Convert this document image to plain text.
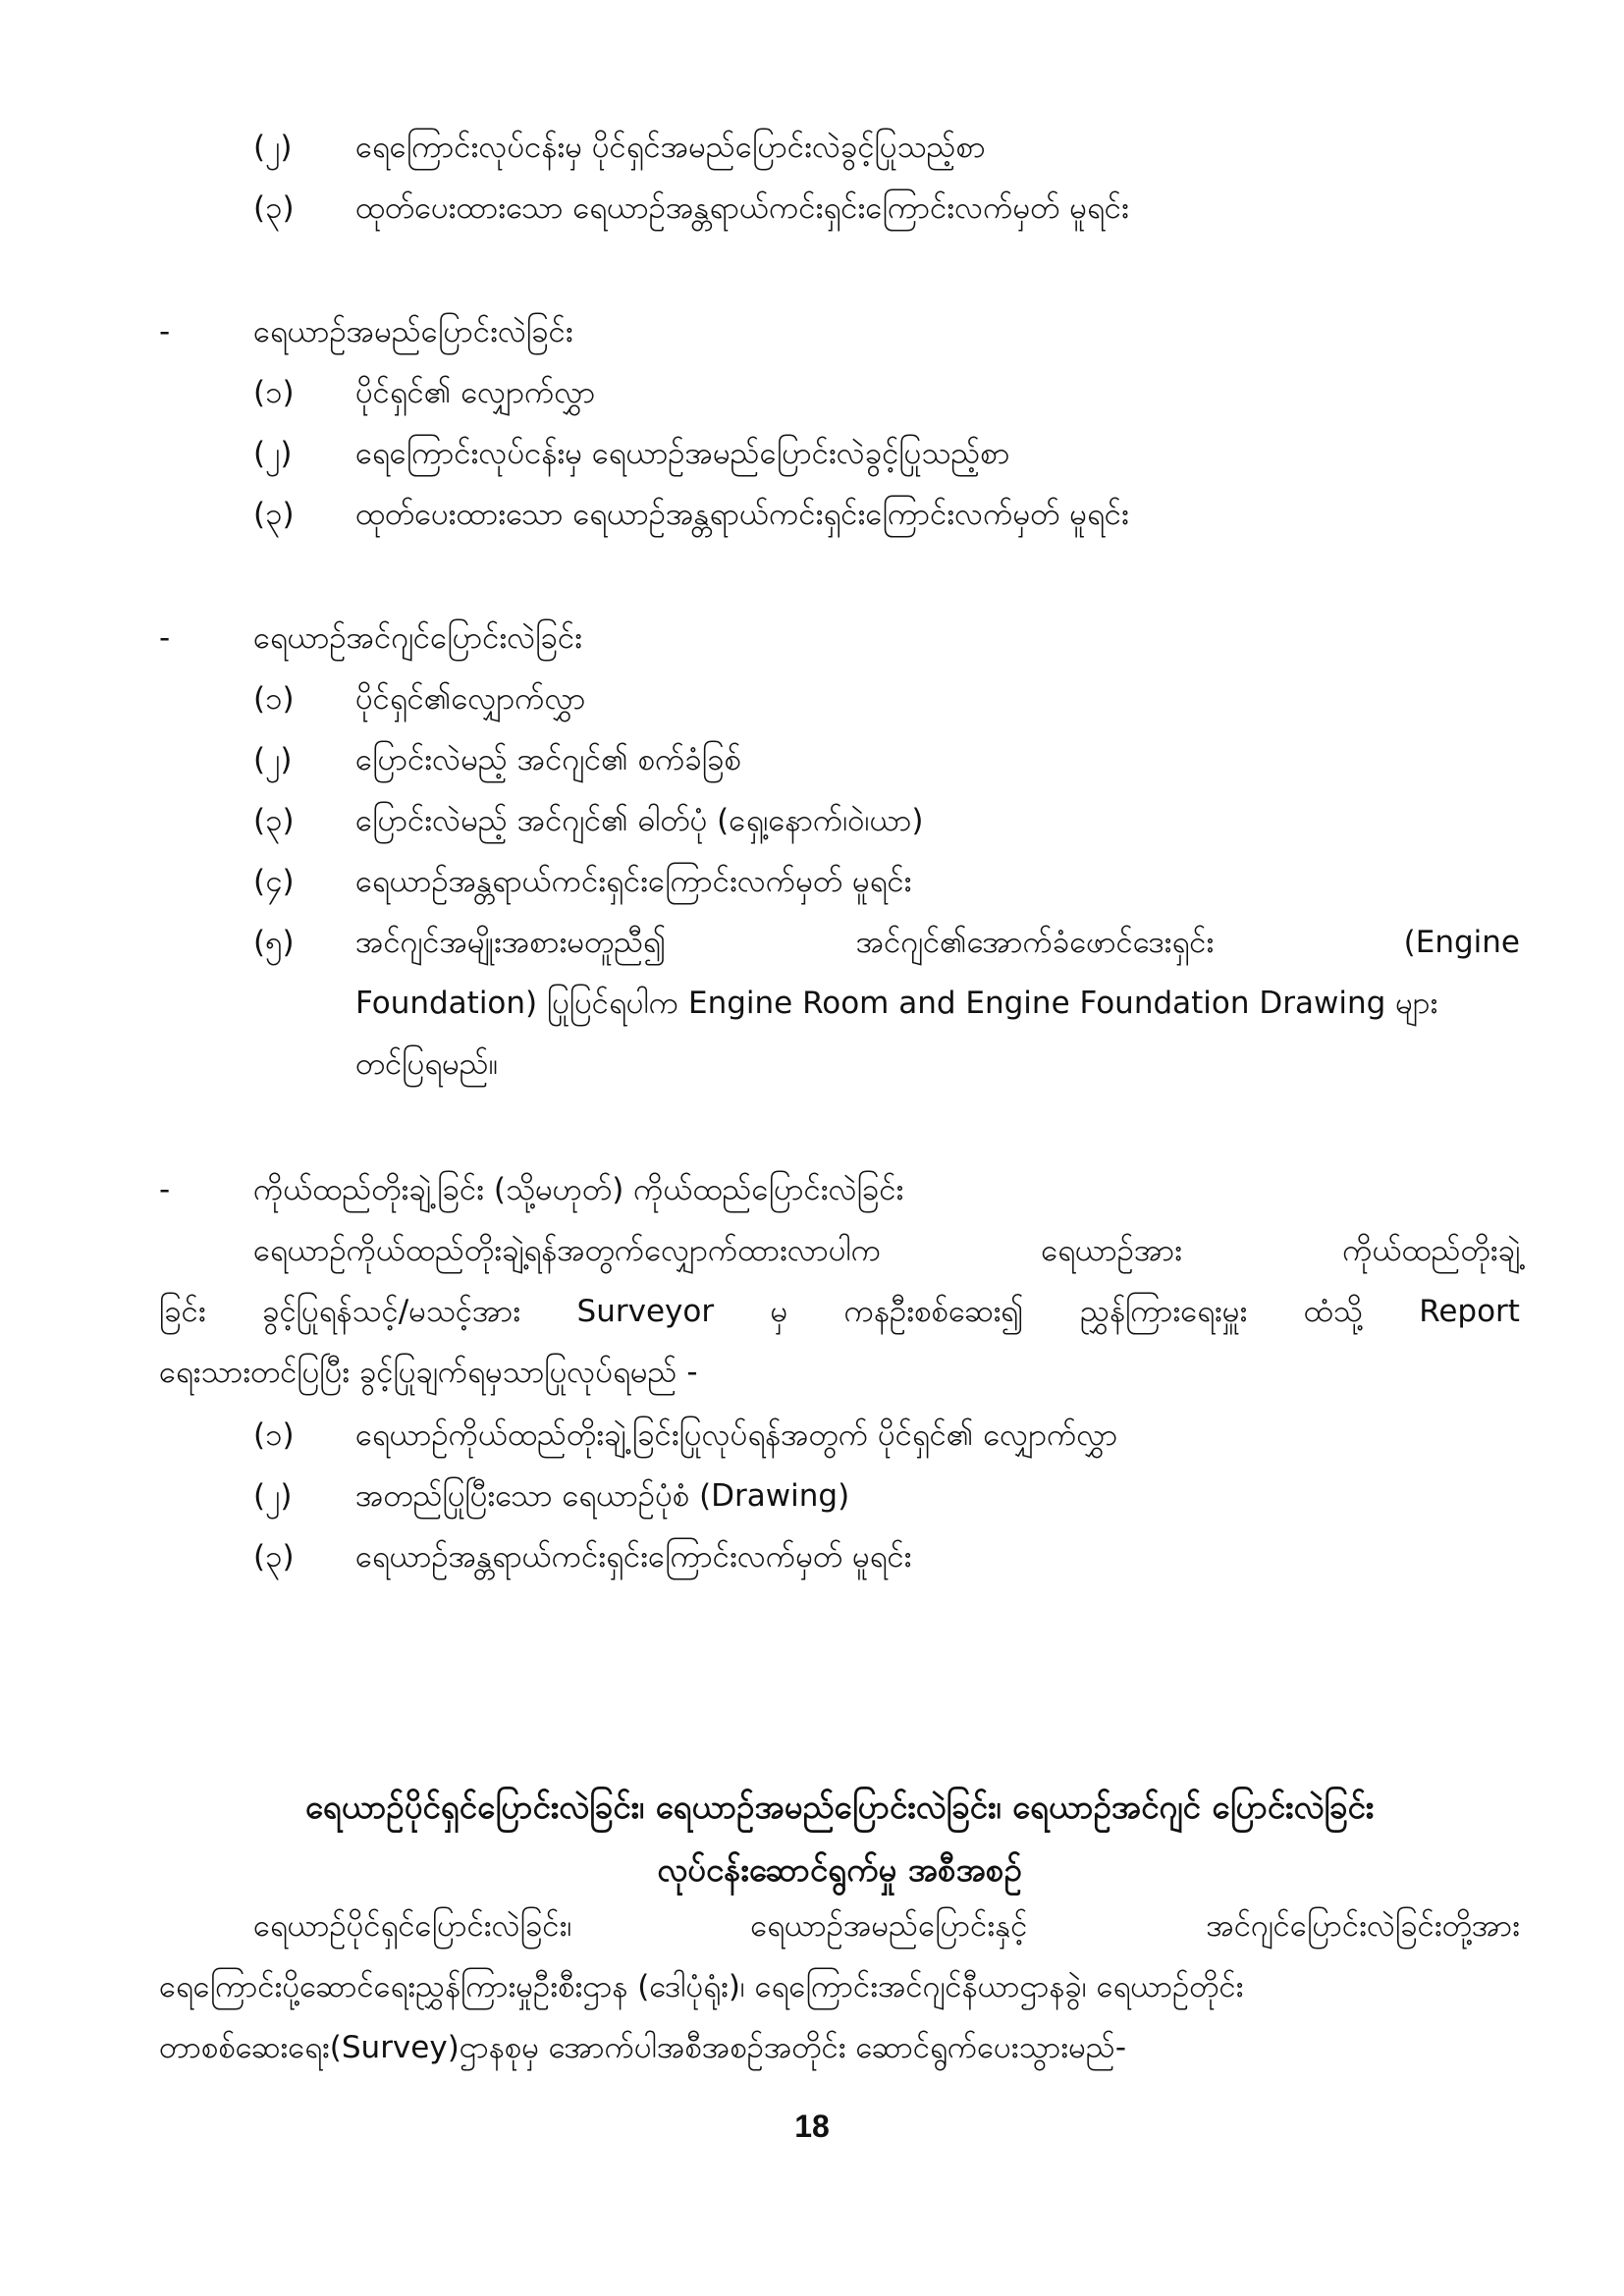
(၂) ရေကြောင်းလုပ်ငန်းမှ ပိုင်ရှင်အမည်ပြောင်းလဲခွင့်ပြုသည့်စာ
(၃) ထုတ်ပေးထားသော ရေယာဉ်အန္တရာယ်ကင်းရှင်းကြောင်းလက်မှတ် မူရင်း
-	ရေယာဉ်အမည်ပြောင်းလဲခြင်း
(၁) ပိုင်ရှင်၏ လျှောက်လွှာ
(၂) ရေကြောင်းလုပ်ငန်းမှ ရေယာဉ်အမည်ပြောင်းလဲခွင့်ပြုသည့်စာ
(၃) ထုတ်ပေးထားသော ရေယာဉ်အန္တရာယ်ကင်းရှင်းကြောင်းလက်မှတ် မူရင်း
-	ရေယာဉ်အင်ဂျင်ပြောင်းလဲခြင်း
(၁) ပိုင်ရှင်၏လျှောက်လွှာ
(၂) ပြောင်းလဲမည့် အင်ဂျင်၏ စက်ခံခြစ်
(၃) ပြောင်းလဲမည့် အင်ဂျင်၏ ဓါတ်ပုံ (ရှေ့၊နောက်၊ဝဲ၊ယာ)
(၄) ရေယာဉ်အန္တရာယ်ကင်းရှင်းကြောင်းလက်မှတ် မူရင်း
(၅) အင်ဂျင်အမျိုးအစားမတူညီ၍	အင်ဂျင်၏အောက်ခံဖောင်ဒေးရှင်း	(Engine
Foundation) ပြုပြင်ရပါက Engine Room and Engine Foundation Drawing များ
တင်ပြရမည်။
-	ကိုယ်ထည်တိုးချဲ့ခြင်း (သို့မဟုတ်) ကိုယ်ထည်ပြောင်းလဲခြင်း
ရေယာဉ်ကိုယ်ထည်တိုးချဲ့ရန်အတွက်လျှောက်ထားလာပါက	ရေယာဉ်အား	ကိုယ်ထည်တိုးချဲ့
ခြင်း ခွင့်ပြုရန်သင့်/မသင့်အား Surveyor မှ ကနဦးစစ်ဆေး၍ ညွှန်ကြားရေးမှူး ထံသို့ Report
ရေးသားတင်ပြပြီး ခွင့်ပြုချက်ရမှသာပြုလုပ်ရမည် -
(၁) ရေယာဉ်ကိုယ်ထည်တိုးချဲ့ခြင်းပြုလုပ်ရန်အတွက် ပိုင်ရှင်၏ လျှောက်လွှာ
(၂) အတည်ပြုပြီးသော ရေယာဉ်ပုံစံ (Drawing)
(၃) ရေယာဉ်အန္တရာယ်ကင်းရှင်းကြောင်းလက်မှတ် မူရင်း
ရေယာဉ်ပိုင်ရှင်ပြောင်းလဲခြင်း၊ ရေယာဉ်အမည်ပြောင်းလဲခြင်း၊ ရေယာဉ်အင်ဂျင် ပြောင်းလဲခြင်း
လုပ်ငန်းဆောင်ရွက်မှု အစီအစဉ်
ရေယာဉ်ပိုင်ရှင်ပြောင်းလဲခြင်း၊	ရေယာဉ်အမည်ပြောင်းနှင့်	အင်ဂျင်ပြောင်းလဲခြင်းတို့အား
ရေကြောင်းပို့ဆောင်ရေးညွှန်ကြားမှုဦးစီးဌာန (ဒေါပုံရုံး)၊ ရေကြောင်းအင်ဂျင်နီယာဌာနခွဲ၊ ရေယာဉ်တိုင်း
တာစစ်ဆေးရေး(Survey)ဌာနစုမှ အောက်ပါအစီအစဉ်အတိုင်း ဆောင်ရွက်ပေးသွားမည်-
18
